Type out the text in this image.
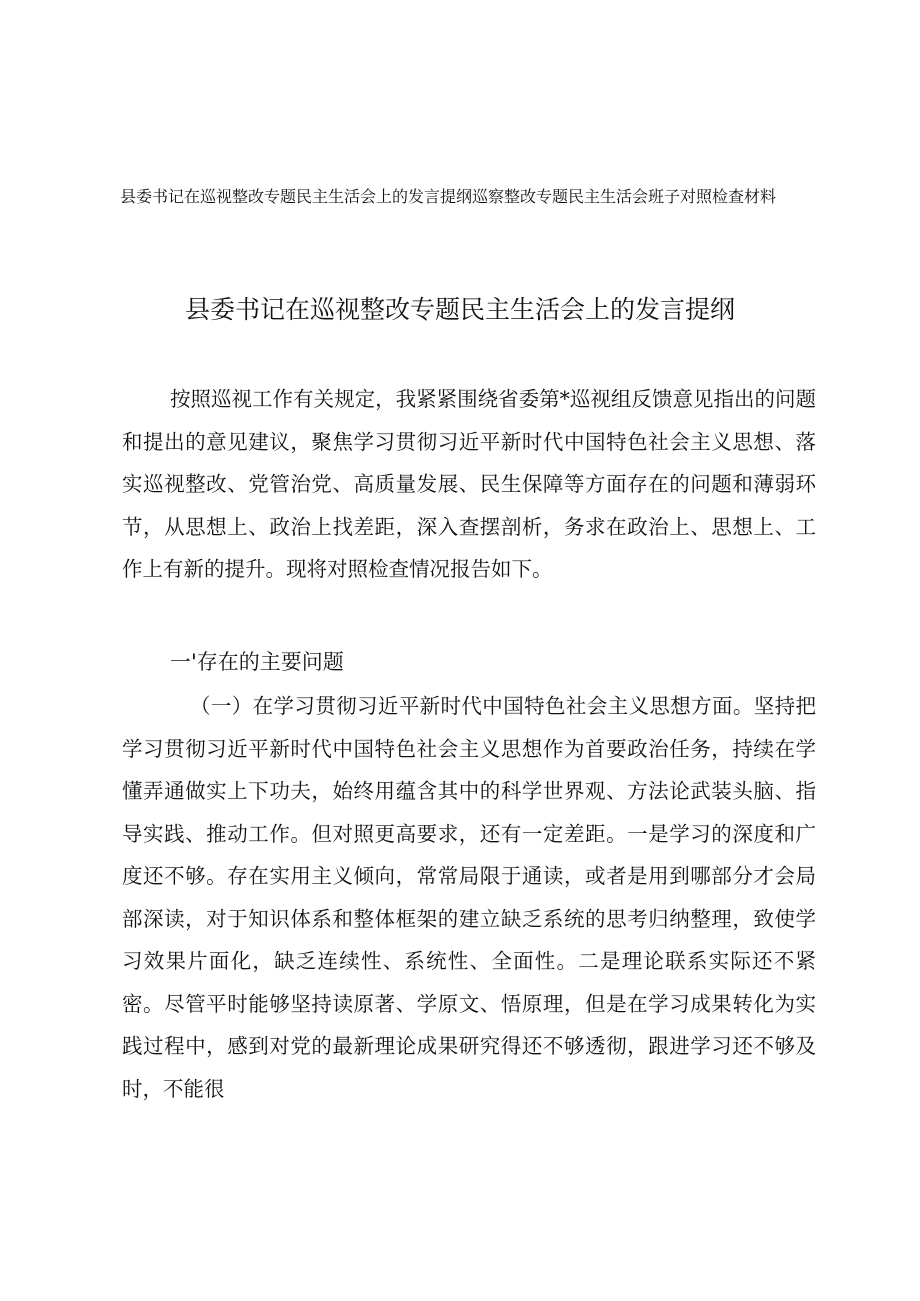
县委书记在巡视整改专题民主生活会上的发言提纲巡察整改专题民主生活会班子对照检查材料
县委书记在巡视整改专题民主生活会上的发言提纲

按照巡视工作有关规定，我紧紧围绕省委第*巡视组反馈意见指出的问题和提出的意见建议，聚焦学习贯彻习近平新时代中国特色社会主义思想、落实巡视整改、党管治党、高质量发展、民生保障等方面存在的问题和薄弱环节，从思想上、政治上找差距，深入查摆剖析，务求在政治上、思想上、工作上有新的提升。现将对照检查情况报告如下。

一'存在的主要问题

（一）在学习贯彻习近平新时代中国特色社会主义思想方面。坚持把学习贯彻习近平新时代中国特色社会主义思想作为首要政治任务，持续在学懂弄通做实上下功夫，始终用蕴含其中的科学世界观、方法论武装头脑、指导实践、推动工作。但对照更高要求，还有一定差距。一是学习的深度和广度还不够。存在实用主义倾向，常常局限于通读，或者是用到哪部分才会局部深读，对于知识体系和整体框架的建立缺乏系统的思考归纳整理，致使学习效果片面化，缺乏连续性、系统性、全面性。二是理论联系实际还不紧密。尽管平时能够坚持读原著、学原文、悟原理，但是在学习成果转化为实践过程中，感到对党的最新理论成果研究得还不够透彻，跟进学习还不够及时，不能很
